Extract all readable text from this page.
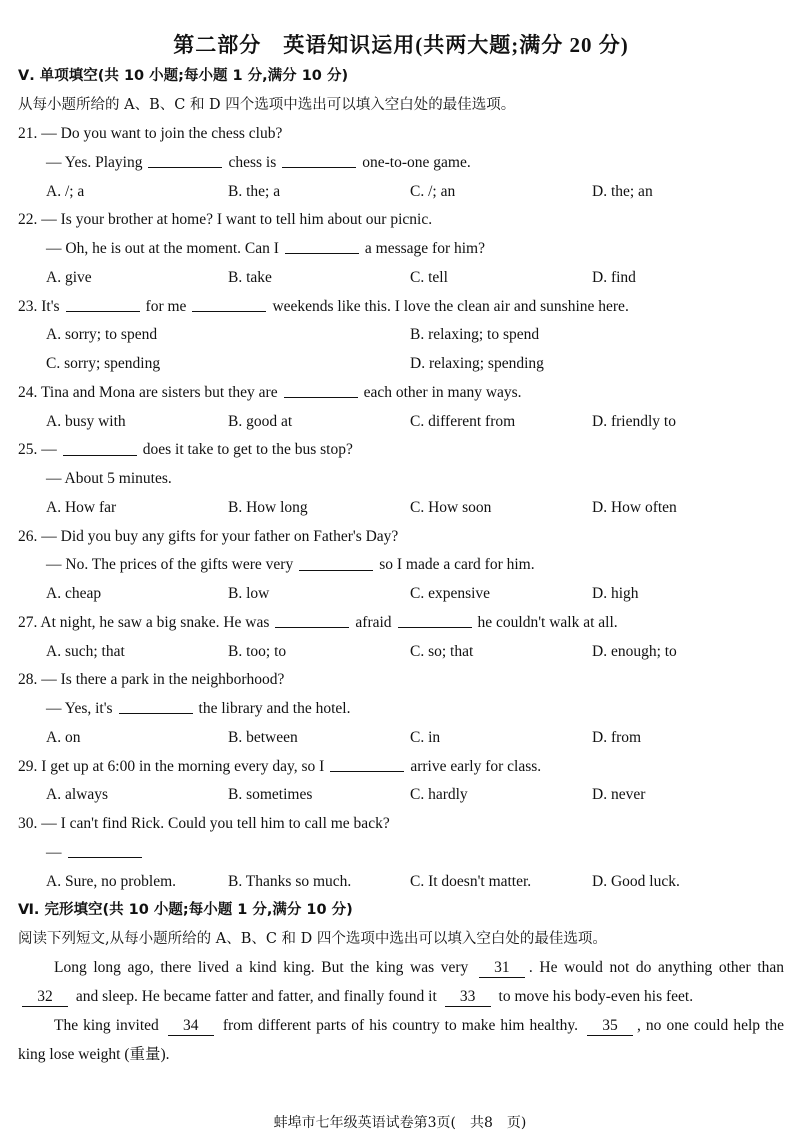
第二部分　英语知识运用(共两大题;满分 20 分)
Ⅴ. 单项填空(共 10 小题;每小题 1 分,满分 10 分)
从每小题所给的 A、B、C 和 D 四个选项中选出可以填入空白处的最佳选项。
21. — Do you want to join the chess club?
— Yes. Playing	chess is	one-to-one game.
A. /; a	B. the; a	C. /; an	D. the; an
22. — Is your brother at home? I want to tell him about our picnic.
— Oh, he is out at the moment. Can I	a message for him?
A. give	B. take	C. tell	D. find
23. It's	for me	weekends like this. I love the clean air and sunshine here.
A. sorry; to spend	B. relaxing; to spend
C. sorry; spending	D. relaxing; spending
24. Tina and Mona are sisters but they are	each other in many ways.
A. busy with	B. good at	C. different from	D. friendly to
25. —	does it take to get to the bus stop?
— About 5 minutes.
A. How far	B. How long	C. How soon	D. How often
26. — Did you buy any gifts for your father on Father's Day?
— No. The prices of the gifts were very	so I made a card for him.
A. cheap	B. low	C. expensive	D. high
27. At night, he saw a big snake. He was	afraid	he couldn't walk at all.
A. such; that	B. too; to	C. so; that	D. enough; to
28. — Is there a park in the neighborhood?
— Yes, it's	the library and the hotel.
A. on	B. between	C. in	D. from
29. I get up at 6:00 in the morning every day, so I	arrive early for class.
A. always	B. sometimes	C. hardly	D. never
30. — I can't find Rick. Could you tell him to call me back?
—
A. Sure, no problem.	B. Thanks so much.	C. It doesn't matter.	D. Good luck.
Ⅵ. 完形填空(共 10 小题;每小题 1 分,满分 10 分)
阅读下列短文,从每小题所给的 A、B、C 和 D 四个选项中选出可以填入空白处的最佳选项。

Long long ago, there lived a kind king. But the king was very 31 . He would not do anything other than 32 and sleep. He became fatter and fatter, and finally found it 33 to move his body-even his feet.

The king invited 34 from different parts of his country to make him healthy. 35 , no one could help the king lose weight (重量).

蚌埠市七年级英语试卷第3页(　共8　页)
